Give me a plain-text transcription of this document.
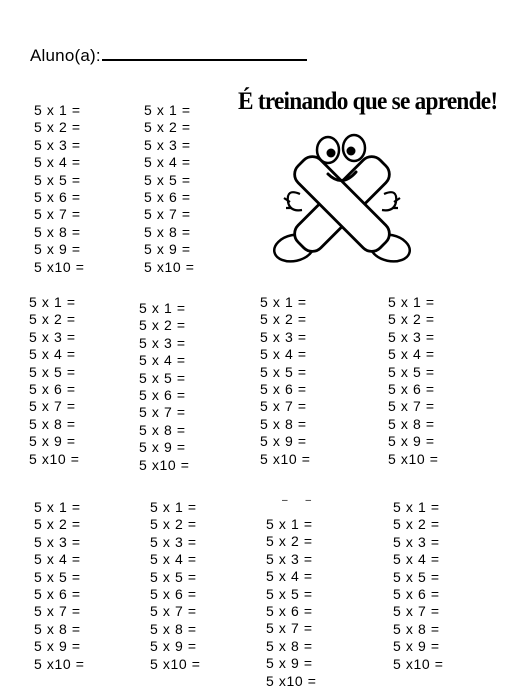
Aluno(a):
É treinando que se aprende!
––
5 x 1 =
5 x 2 =
5 x 3 =
5 x 4 =
5 x 5 =
5 x 6 =
5 x 7 =
5 x 8 =
5 x 9 =
5 x10 =
5 x 1 =
5 x 2 =
5 x 3 =
5 x 4 =
5 x 5 =
5 x 6 =
5 x 7 =
5 x 8 =
5 x 9 =
5 x10 =
5 x 1 =
5 x 2 =
5 x 3 =
5 x 4 =
5 x 5 =
5 x 6 =
5 x 7 =
5 x 8 =
5 x 9 =
5 x10 =
5 x 1 =
5 x 2 =
5 x 3 =
5 x 4 =
5 x 5 =
5 x 6 =
5 x 7 =
5 x 8 =
5 x 9 =
5 x10 =
5 x 1 =
5 x 2 =
5 x 3 =
5 x 4 =
5 x 5 =
5 x 6 =
5 x 7 =
5 x 8 =
5 x 9 =
5 x10 =
5 x 1 =
5 x 2 =
5 x 3 =
5 x 4 =
5 x 5 =
5 x 6 =
5 x 7 =
5 x 8 =
5 x 9 =
5 x10 =
5 x 1 =
5 x 2 =
5 x 3 =
5 x 4 =
5 x 5 =
5 x 6 =
5 x 7 =
5 x 8 =
5 x 9 =
5 x10 =
5 x 1 =
5 x 2 =
5 x 3 =
5 x 4 =
5 x 5 =
5 x 6 =
5 x 7 =
5 x 8 =
5 x 9 =
5 x10 =
5 x 1 =
5 x 2 =
5 x 3 =
5 x 4 =
5 x 5 =
5 x 6 =
5 x 7 =
5 x 8 =
5 x 9 =
5 x10 =
5 x 1 =
5 x 2 =
5 x 3 =
5 x 4 =
5 x 5 =
5 x 6 =
5 x 7 =
5 x 8 =
5 x 9 =
5 x10 =
